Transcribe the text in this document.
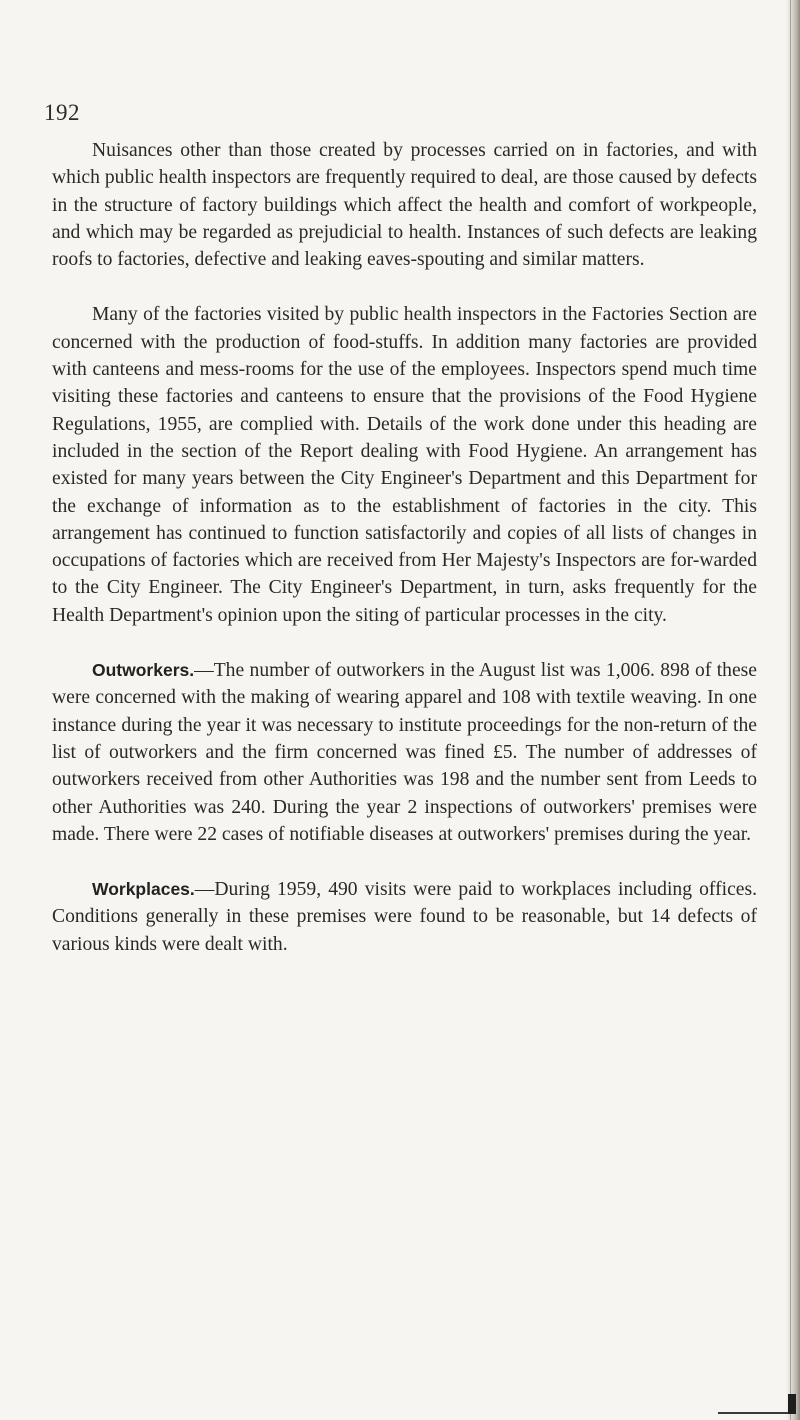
192

Nuisances other than those created by processes carried on in factories, and with which public health inspectors are frequently required to deal, are those caused by defects in the structure of factory buildings which affect the health and comfort of workpeople, and which may be regarded as prejudicial to health. Instances of such defects are leaking roofs to factories, defective and leaking eaves-spouting and similar matters.

Many of the factories visited by public health inspectors in the Factories Section are concerned with the production of food-stuffs. In addition many factories are provided with canteens and mess-rooms for the use of the employees. Inspectors spend much time visiting these factories and canteens to ensure that the provisions of the Food Hygiene Regulations, 1955, are complied with. Details of the work done under this heading are included in the section of the Report dealing with Food Hygiene. An arrangement has existed for many years between the City Engineer's Department and this Department for the exchange of information as to the establishment of factories in the city. This arrangement has continued to function satisfactorily and copies of all lists of changes in occupations of factories which are received from Her Majesty's Inspectors are for-warded to the City Engineer. The City Engineer's Department, in turn, asks frequently for the Health Department's opinion upon the siting of particular processes in the city.

Outworkers.—The number of outworkers in the August list was 1,006. 898 of these were concerned with the making of wearing apparel and 108 with textile weaving. In one instance during the year it was necessary to institute proceedings for the non-return of the list of outworkers and the firm concerned was fined £5. The number of addresses of outworkers received from other Authorities was 198 and the number sent from Leeds to other Authorities was 240. During the year 2 inspections of outworkers' premises were made. There were 22 cases of notifiable diseases at outworkers' premises during the year.

Workplaces.—During 1959, 490 visits were paid to workplaces including offices. Conditions generally in these premises were found to be reasonable, but 14 defects of various kinds were dealt with.
